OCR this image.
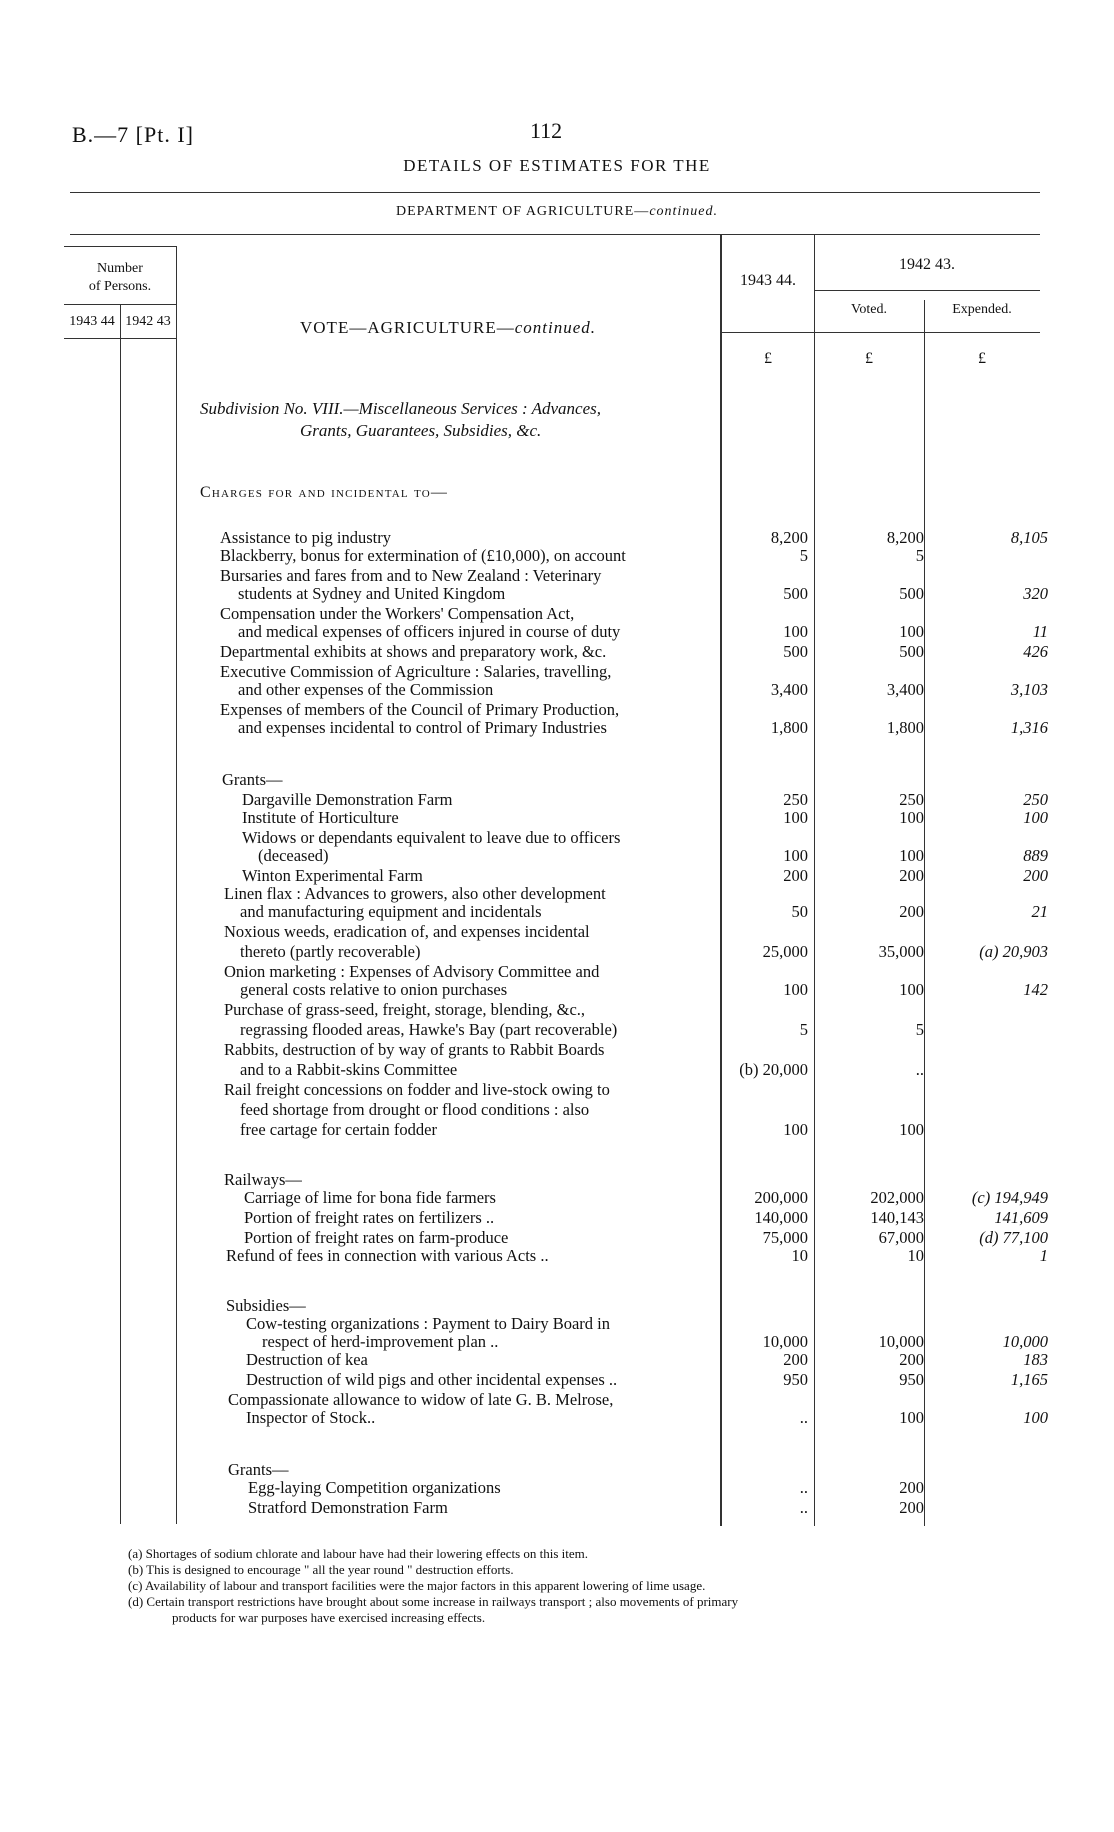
B.—7 [Pt. I]	112
DETAILS OF ESTIMATES FOR THE
DEPARTMENT OF AGRICULTURE—continued.
Number
of Persons.
1943 44 1942 43	VOTE—AGRICULTURE—continued.
1943 44.
1942 43.
Voted.	Expended.
£	£	£
Subdivision No. VIII.—Miscellaneous Services : Advances,
Grants, Guarantees, Subsidies, &c.
Charges for and incidental to—
Assistance to pig industry	8,200	8,200	8,105
Blackberry, bonus for extermination of (£10,000), on account	5	5
Bursaries and fares from and to New Zealand : Veterinary
students at Sydney and United Kingdom	500	500	320
Compensation under the Workers' Compensation Act,
and medical expenses of officers injured in course of duty	100	100	11
Departmental exhibits at shows and preparatory work, &c.	500	500	426
Executive Commission of Agriculture : Salaries, travelling,
and other expenses of the Commission	3,400	3,400	3,103
Expenses of members of the Council of Primary Production,
and expenses incidental to control of Primary Industries	1,800	1,800	1,316
Grants—
Dargaville Demonstration Farm	250	250	250
Institute of Horticulture	100	100	100
Widows or dependants equivalent to leave due to officers
(deceased)	100	100	889
Winton Experimental Farm	200	200	200
Linen flax : Advances to growers, also other development
and manufacturing equipment and incidentals	50	200	21
Noxious weeds, eradication of, and expenses incidental
thereto (partly recoverable)	25,000	35,000	(a) 20,903
Onion marketing : Expenses of Advisory Committee and
general costs relative to onion purchases	100	100	142
Purchase of grass-seed, freight, storage, blending, &c.,
regrassing flooded areas, Hawke's Bay (part recoverable)	5	5
Rabbits, destruction of by way of grants to Rabbit Boards
and to a Rabbit-skins Committee	(b) 20,000	..
Rail freight concessions on fodder and live-stock owing to
feed shortage from drought or flood conditions : also
free cartage for certain fodder	100	100
Railways—
Carriage of lime for bona fide farmers	200,000	202,000	(c) 194,949
Portion of freight rates on fertilizers ..	140,000	140,143	141,609
Portion of freight rates on farm-produce	75,000	67,000	(d) 77,100
Refund of fees in connection with various Acts ..	10	10	1
Subsidies—
Cow-testing organizations : Payment to Dairy Board in
respect of herd-improvement plan ..	10,000	10,000	10,000
Destruction of kea	200	200	183
Destruction of wild pigs and other incidental expenses ..	950	950	1,165
Compassionate allowance to widow of late G. B. Melrose,
Inspector of Stock..	..	100	100
Grants—
Egg-laying Competition organizations	..	200
Stratford Demonstration Farm	..	200
(a) Shortages of sodium chlorate and labour have had their lowering effects on this item.
(b) This is designed to encourage " all the year round " destruction efforts.
(c) Availability of labour and transport facilities were the major factors in this apparent lowering of lime usage.
(d) Certain transport restrictions have brought about some increase in railways transport ; also movements of primary
products for war purposes have exercised increasing effects.
